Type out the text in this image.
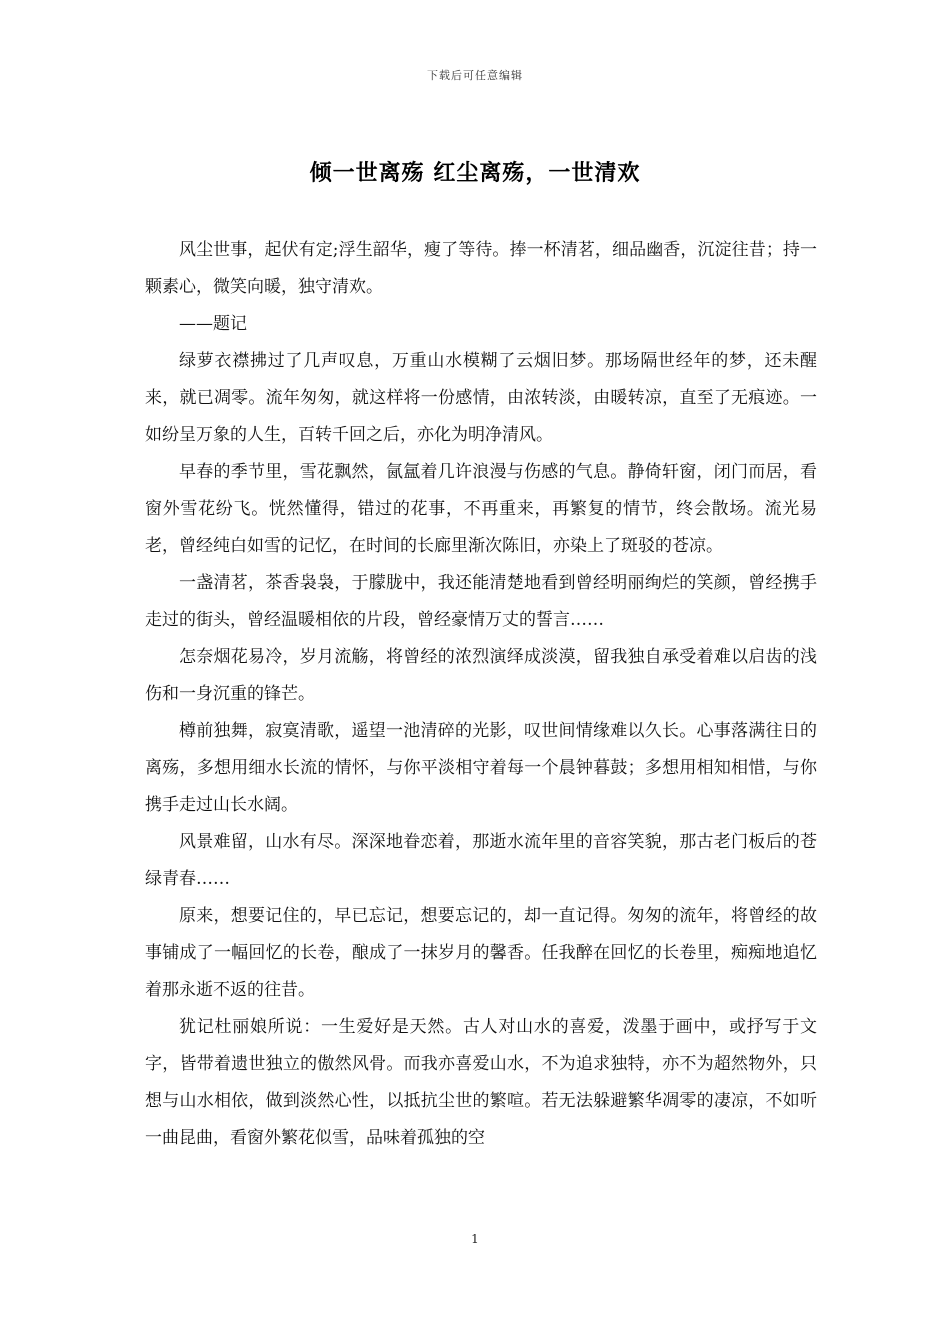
下载后可任意编辑
倾一世离殇 红尘离殇，一世清欢

风尘世事，起伏有定;浮生韶华，瘦了等待。捧一杯清茗，细品幽香，沉淀往昔；持一颗素心，微笑向暖，独守清欢。

——题记

绿萝衣襟拂过了几声叹息，万重山水模糊了云烟旧梦。那场隔世经年的梦，还未醒来，就已凋零。流年匆匆，就这样将一份感情，由浓转淡，由暖转凉，直至了无痕迹。一如纷呈万象的人生，百转千回之后，亦化为明净清风。

早春的季节里，雪花飘然，氤氲着几许浪漫与伤感的气息。静倚轩窗，闭门而居，看窗外雪花纷飞。恍然懂得，错过的花事，不再重来，再繁复的情节，终会散场。流光易老，曾经纯白如雪的记忆，在时间的长廊里渐次陈旧，亦染上了斑驳的苍凉。

一盏清茗，茶香袅袅，于朦胧中，我还能清楚地看到曾经明丽绚烂的笑颜，曾经携手走过的街头，曾经温暖相依的片段，曾经豪情万丈的誓言……

怎奈烟花易冷，岁月流觞，将曾经的浓烈演绎成淡漠，留我独自承受着难以启齿的浅伤和一身沉重的锋芒。

樽前独舞，寂寞清歌，遥望一池清碎的光影，叹世间情缘难以久长。心事落满往日的离殇，多想用细水长流的情怀，与你平淡相守着每一个晨钟暮鼓；多想用相知相惜，与你携手走过山长水阔。

风景难留，山水有尽。深深地眷恋着，那逝水流年里的音容笑貌，那古老门板后的苍绿青春……

原来，想要记住的，早已忘记，想要忘记的，却一直记得。匆匆的流年，将曾经的故事铺成了一幅回忆的长卷，酿成了一抹岁月的馨香。任我醉在回忆的长卷里，痴痴地追忆着那永逝不返的往昔。

犹记杜丽娘所说：一生爱好是天然。古人对山水的喜爱，泼墨于画中，或抒写于文字，皆带着遗世独立的傲然风骨。而我亦喜爱山水，不为追求独特，亦不为超然物外，只想与山水相依，做到淡然心性，以抵抗尘世的繁喧。若无法躲避繁华凋零的凄凉，不如听一曲昆曲，看窗外繁花似雪，品味着孤独的空

1
